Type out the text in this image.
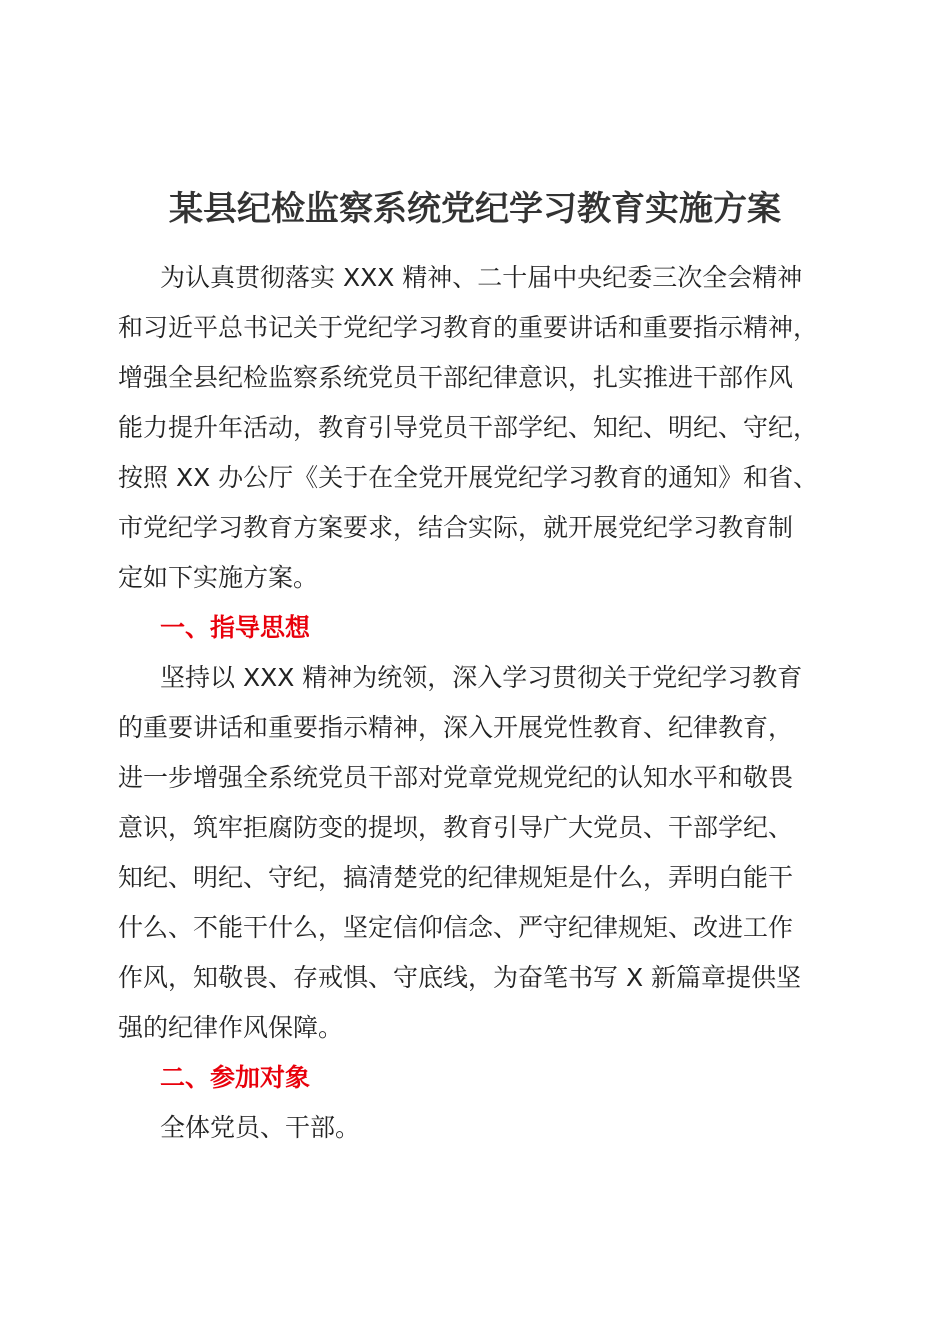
某县纪检监察系统党纪学习教育实施方案

为认真贯彻落实 XXX 精神、二十届中央纪委三次全会精神
和习近平总书记关于党纪学习教育的重要讲话和重要指示精神，
增强全县纪检监察系统党员干部纪律意识，扎实推进干部作风
能力提升年活动，教育引导党员干部学纪、知纪、明纪、守纪，
按照 XX 办公厅《关于在全党开展党纪学习教育的通知》和省、
市党纪学习教育方案要求，结合实际，就开展党纪学习教育制
定如下实施方案。

一、指导思想

坚持以 XXX 精神为统领，深入学习贯彻关于党纪学习教育
的重要讲话和重要指示精神，深入开展党性教育、纪律教育，
进一步增强全系统党员干部对党章党规党纪的认知水平和敬畏
意识，筑牢拒腐防变的提坝，教育引导广大党员、干部学纪、
知纪、明纪、守纪，搞清楚党的纪律规矩是什么，弄明白能干
什么、不能干什么，坚定信仰信念、严守纪律规矩、改进工作
作风，知敬畏、存戒惧、守底线，为奋笔书写 X 新篇章提供坚
强的纪律作风保障。

二、参加对象

全体党员、干部。
